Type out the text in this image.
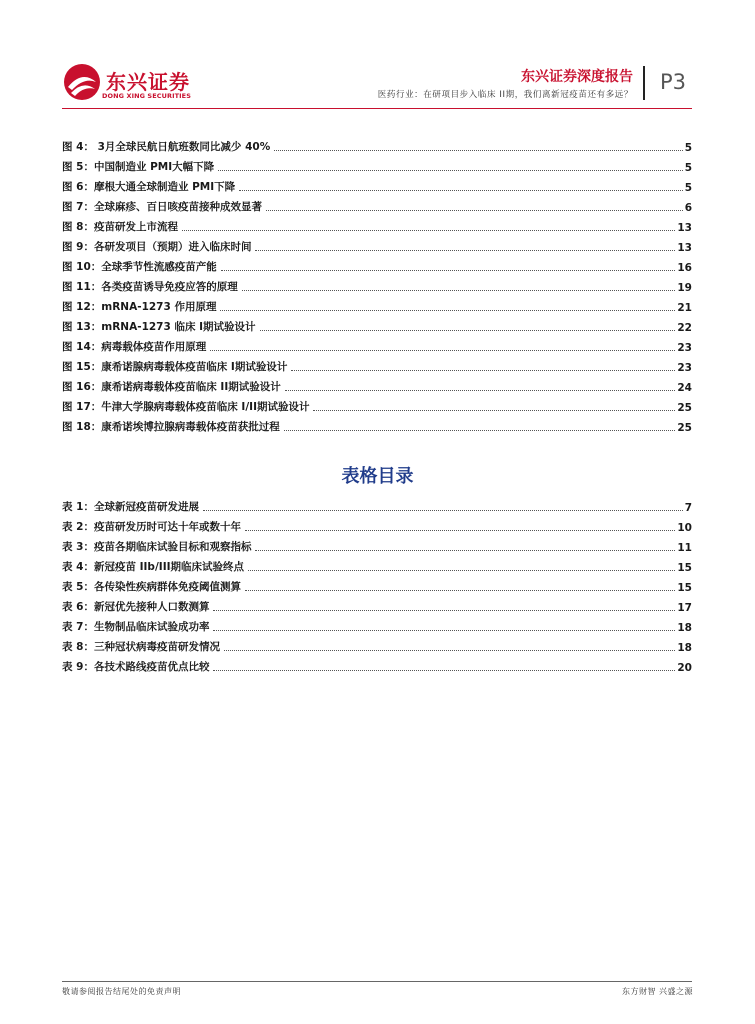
东兴证券
DONG XING SECURITIES
东兴证券深度报告
医药行业：在研项目步入临床 II期，我们离新冠疫苗还有多远？
P3
图 4： 3月全球民航日航班数同比减少 40%	5
图 5：中国制造业 PMI大幅下降	5
图 6：摩根大通全球制造业 PMI下降	5
图 7：全球麻疹、百日咳疫苗接种成效显著	6
图 8：疫苗研发上市流程	13
图 9：各研发项目（预期）进入临床时间	13
图 10：全球季节性流感疫苗产能	16
图 11：各类疫苗诱导免疫应答的原理	19
图 12：mRNA-1273 作用原理	21
图 13：mRNA-1273 临床 I期试验设计	22
图 14：病毒载体疫苗作用原理	23
图 15：康希诺腺病毒载体疫苗临床 I期试验设计	23
图 16：康希诺病毒载体疫苗临床 II期试验设计	24
图 17：牛津大学腺病毒载体疫苗临床 I/II期试验设计	25
图 18：康希诺埃博拉腺病毒载体疫苗获批过程	25
表格目录
表 1：全球新冠疫苗研发进展	7
表 2：疫苗研发历时可达十年或数十年	10
表 3：疫苗各期临床试验目标和观察指标	11
表 4：新冠疫苗 IIb/III期临床试验终点	15
表 5：各传染性疾病群体免疫阈值测算	15
表 6：新冠优先接种人口数测算	17
表 7：生物制品临床试验成功率	18
表 8：三种冠状病毒疫苗研发情况	18
表 9：各技术路线疫苗优点比较	20
敬请参阅报告结尾处的免责声明	东方财智 兴盛之源
